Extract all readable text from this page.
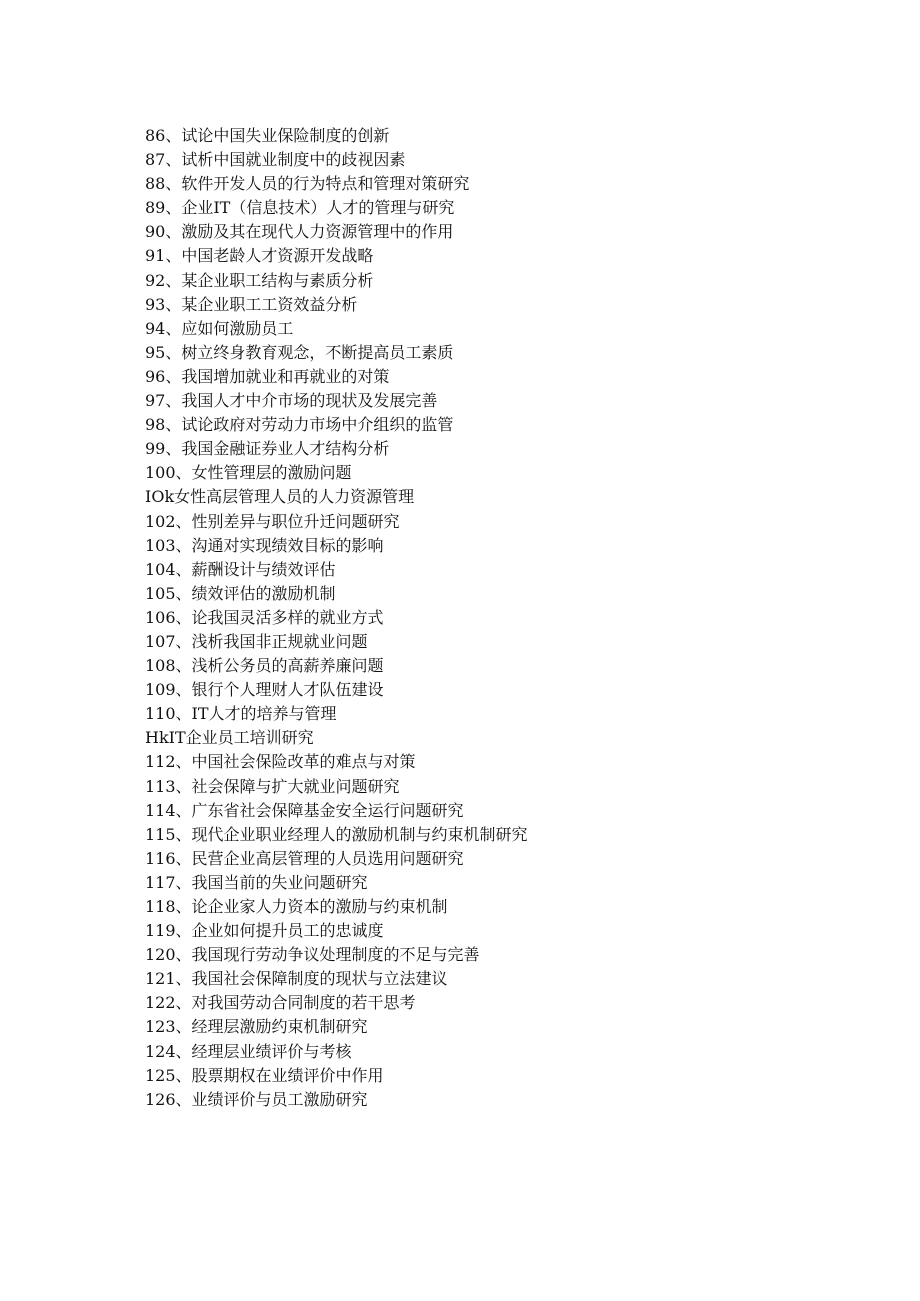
86、试论中国失业保险制度的创新
87、试析中国就业制度中的歧视因素
88、软件开发人员的行为特点和管理对策研究
89、企业IT（信息技术）人才的管理与研究
90、激励及其在现代人力资源管理中的作用
91、中国老龄人才资源开发战略
92、某企业职工结构与素质分析
93、某企业职工工资效益分析
94、应如何激励员工
95、树立终身教育观念，不断提高员工素质
96、我国增加就业和再就业的对策
97、我国人才中介市场的现状及发展完善
98、试论政府对劳动力市场中介组织的监管
99、我国金融证券业人才结构分析
100、女性管理层的激励问题
IOk女性高层管理人员的人力资源管理
102、性别差异与职位升迁问题研究
103、沟通对实现绩效目标的影响
104、薪酬设计与绩效评估
105、绩效评估的激励机制
106、论我国灵活多样的就业方式
107、浅析我国非正规就业问题
108、浅析公务员的高薪养廉问题
109、银行个人理财人才队伍建设
110、IT人才的培养与管理
HkIT企业员工培训研究
112、中国社会保险改革的难点与对策
113、社会保障与扩大就业问题研究
114、广东省社会保障基金安全运行问题研究
115、现代企业职业经理人的激励机制与约束机制研究
116、民营企业高层管理的人员选用问题研究
117、我国当前的失业问题研究
118、论企业家人力资本的激励与约束机制
119、企业如何提升员工的忠诚度
120、我国现行劳动争议处理制度的不足与完善
121、我国社会保障制度的现状与立法建议
122、对我国劳动合同制度的若干思考
123、经理层激励约束机制研究
124、经理层业绩评价与考核
125、股票期权在业绩评价中作用
126、业绩评价与员工激励研究
